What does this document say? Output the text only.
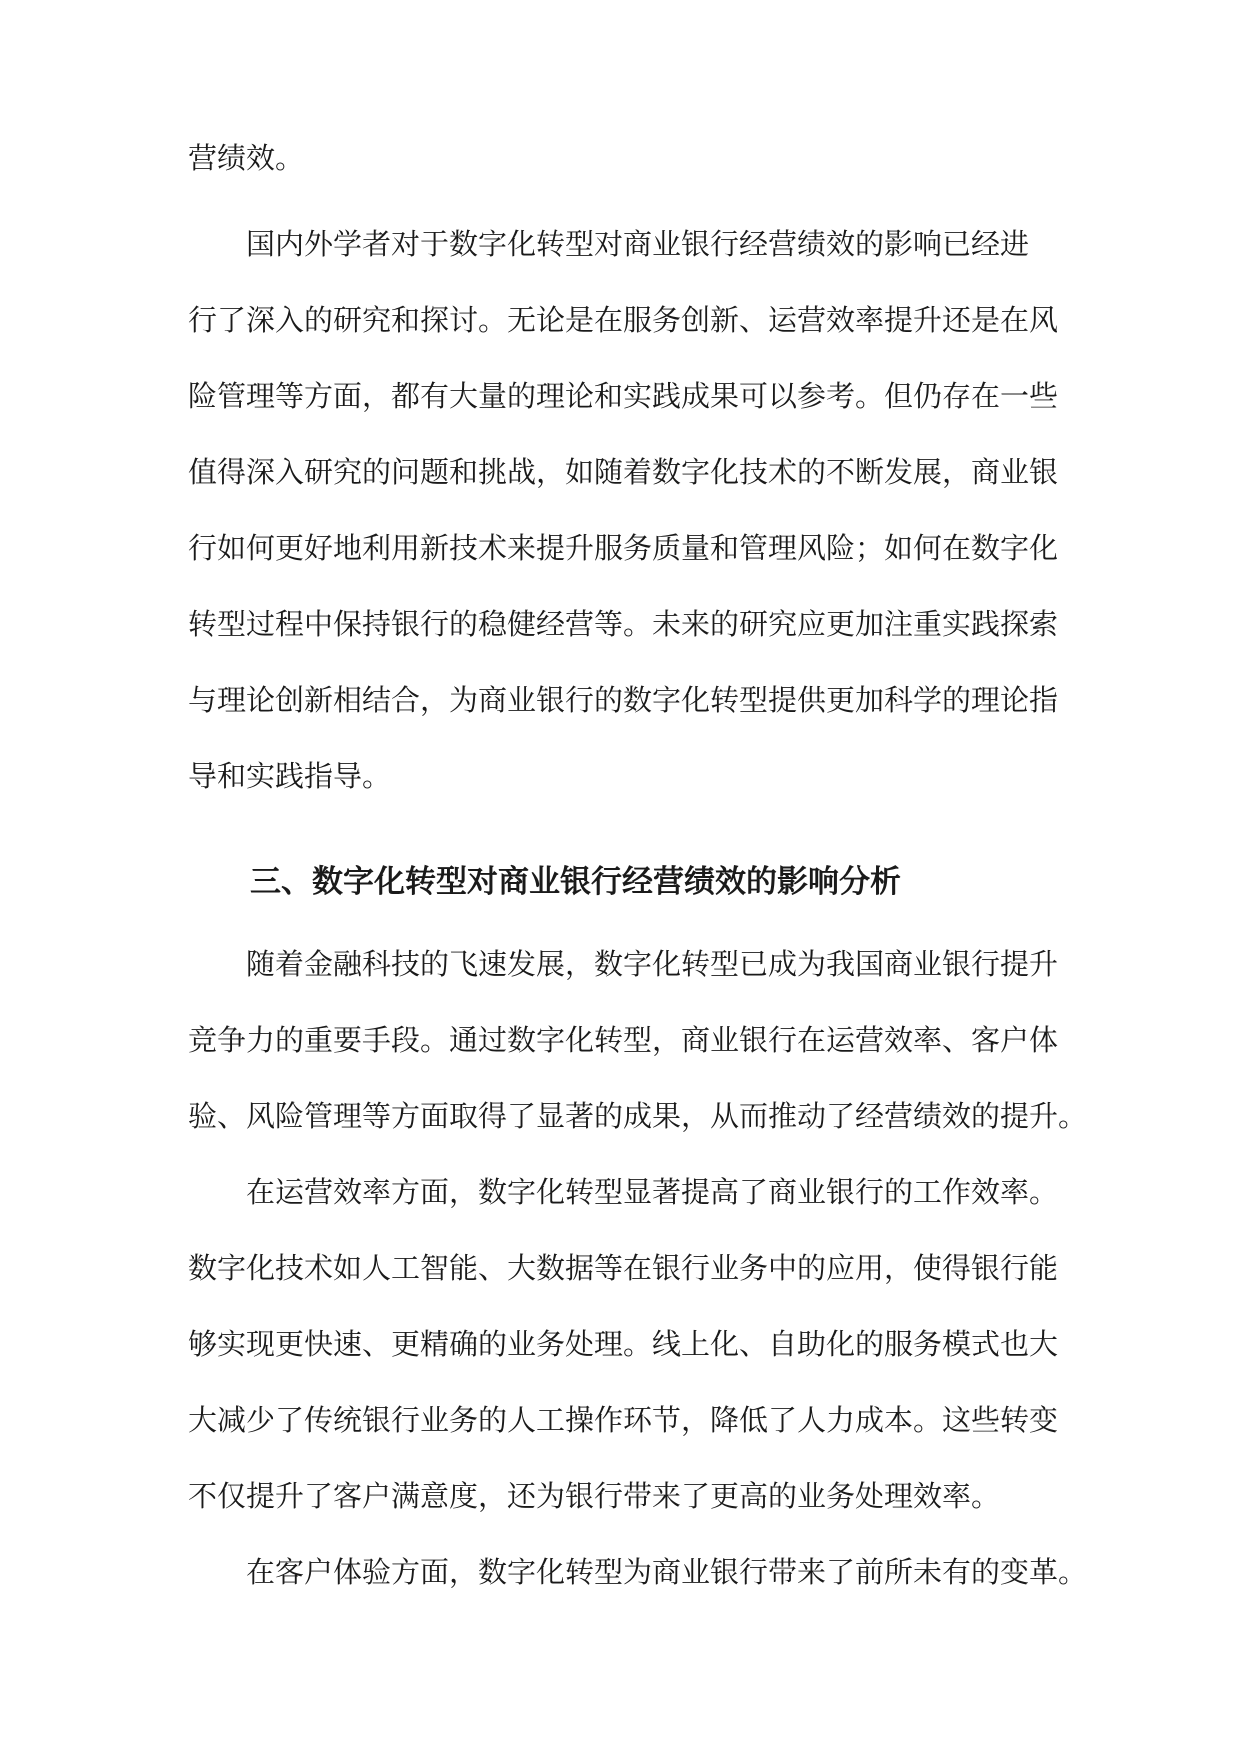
营绩效。

国内外学者对于数字化转型对商业银行经营绩效的影响已经进

行了深入的研究和探讨。无论是在服务创新、运营效率提升还是在风

险管理等方面，都有大量的理论和实践成果可以参考。但仍存在一些

值得深入研究的问题和挑战，如随着数字化技术的不断发展，商业银

行如何更好地利用新技术来提升服务质量和管理风险；如何在数字化

转型过程中保持银行的稳健经营等。未来的研究应更加注重实践探索

与理论创新相结合，为商业银行的数字化转型提供更加科学的理论指

导和实践指导。

三、数字化转型对商业银行经营绩效的影响分析

随着金融科技的飞速发展，数字化转型已成为我国商业银行提升

竞争力的重要手段。通过数字化转型，商业银行在运营效率、客户体

验、风险管理等方面取得了显著的成果，从而推动了经营绩效的提升。

在运营效率方面，数字化转型显著提高了商业银行的工作效率。

数字化技术如人工智能、大数据等在银行业务中的应用，使得银行能

够实现更快速、更精确的业务处理。线上化、自助化的服务模式也大

大减少了传统银行业务的人工操作环节，降低了人力成本。这些转变

不仅提升了客户满意度，还为银行带来了更高的业务处理效率。

在客户体验方面，数字化转型为商业银行带来了前所未有的变革。
